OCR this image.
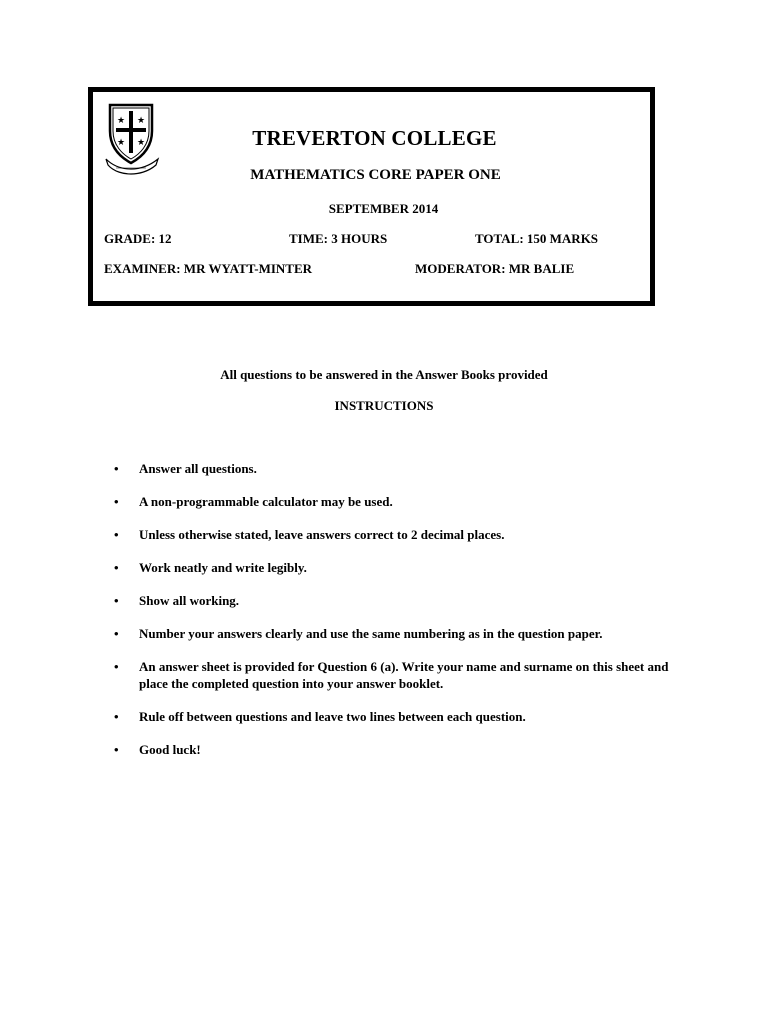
★ ★
★ ★	TREVERTON COLLEGE
MATHEMATICS CORE PAPER ONE
SEPTEMBER 2014
GRADE: 12	TIME: 3 HOURS	TOTAL: 150 MARKS
EXAMINER: MR WYATT-MINTER	MODERATOR: MR BALIE
All questions to be answered in the Answer Books provided
INSTRUCTIONS
• Answer all questions.
• A non-programmable calculator may be used.
• Unless otherwise stated, leave answers correct to 2 decimal places.
• Work neatly and write legibly.
• Show all working.
• Number your answers clearly and use the same numbering as in the question paper.
• An answer sheet is provided for Question 6 (a). Write your name and surname on this sheet and place the completed question into your answer booklet.
• Rule off between questions and leave two lines between each question.
• Good luck!
